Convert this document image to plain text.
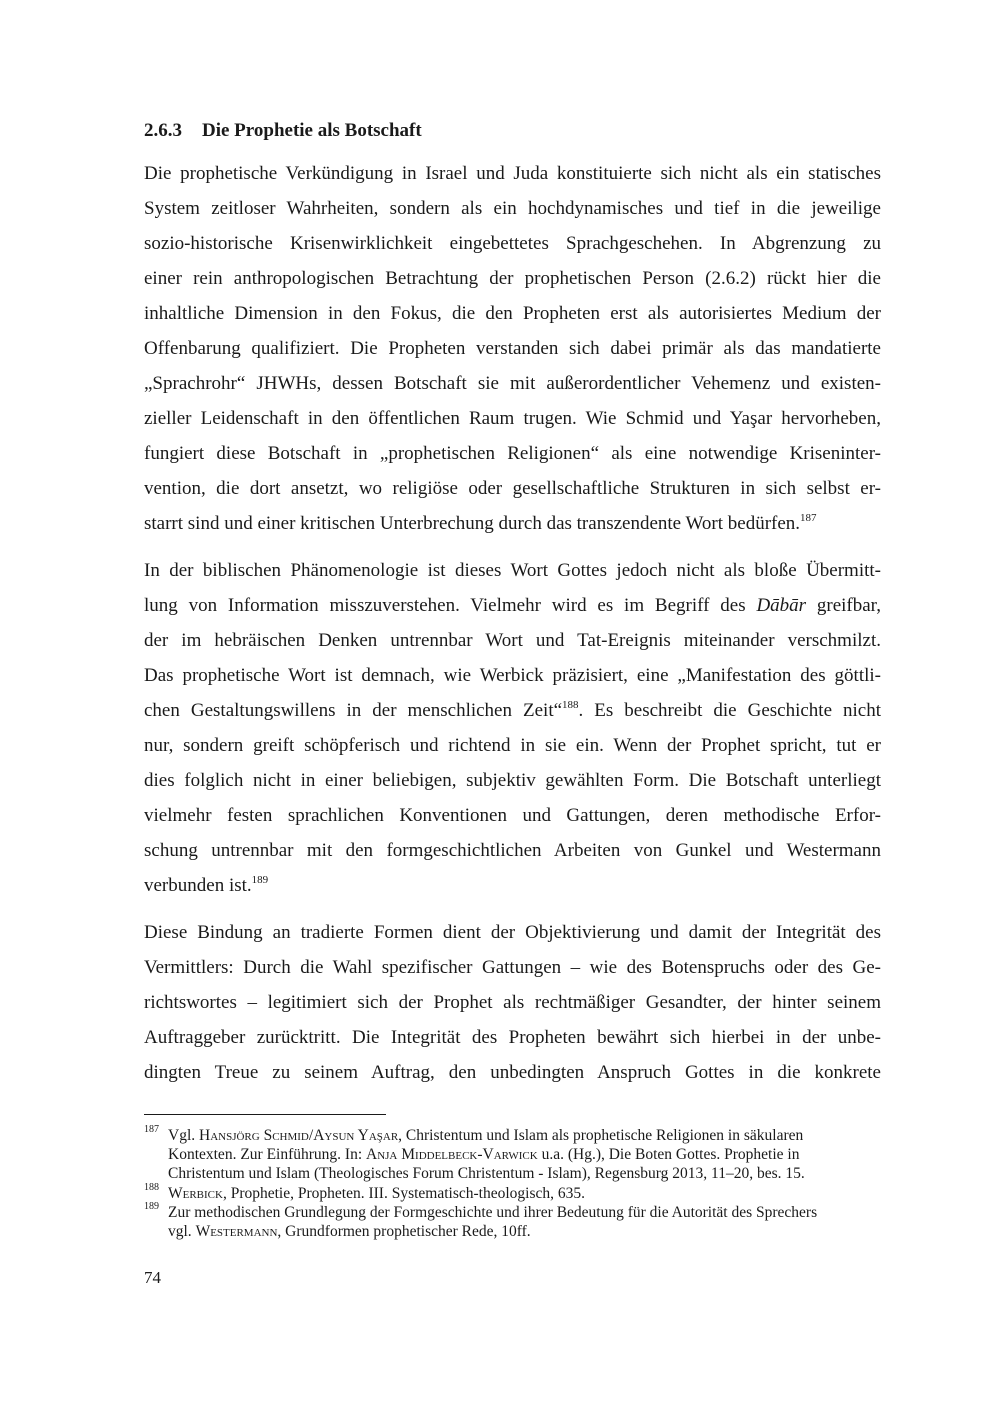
2.6.3 Die Prophetie als Botschaft
Die prophetische Verkündigung in Israel und Juda konstituierte sich nicht als ein statisches
System zeitloser Wahrheiten, sondern als ein hochdynamisches und tief in die jeweilige
sozio-historische Krisenwirklichkeit eingebettetes Sprachgeschehen. In Abgrenzung zu
einer rein anthropologischen Betrachtung der prophetischen Person (2.6.2) rückt hier die
inhaltliche Dimension in den Fokus, die den Propheten erst als autorisiertes Medium der
Offenbarung qualifiziert. Die Propheten verstanden sich dabei primär als das mandatierte
„Sprachrohr“ JHWHs, dessen Botschaft sie mit außerordentlicher Vehemenz und existen-
zieller Leidenschaft in den öffentlichen Raum trugen. Wie Schmid und Yaşar hervorheben,
fungiert diese Botschaft in „prophetischen Religionen“ als eine notwendige Kriseninter-
vention, die dort ansetzt, wo religiöse oder gesellschaftliche Strukturen in sich selbst er-
starrt sind und einer kritischen Unterbrechung durch das transzendente Wort bedürfen.$^{187}$
In der biblischen Phänomenologie ist dieses Wort Gottes jedoch nicht als bloße Übermitt-
lung von Information misszuverstehen. Vielmehr wird es im Begriff des Dābār greifbar,
der im hebräischen Denken untrennbar Wort und Tat-Ereignis miteinander verschmilzt.
Das prophetische Wort ist demnach, wie Werbick präzisiert, eine „Manifestation des göttli-
chen Gestaltungswillens in der menschlichen Zeit“$^{188}$. Es beschreibt die Geschichte nicht
nur, sondern greift schöpferisch und richtend in sie ein. Wenn der Prophet spricht, tut er
dies folglich nicht in einer beliebigen, subjektiv gewählten Form. Die Botschaft unterliegt
vielmehr festen sprachlichen Konventionen und Gattungen, deren methodische Erfor-
schung untrennbar mit den formgeschichtlichen Arbeiten von Gunkel und Westermann
verbunden ist.$^{189}$
Diese Bindung an tradierte Formen dient der Objektivierung und damit der Integrität des
Vermittlers: Durch die Wahl spezifischer Gattungen – wie des Botenspruchs oder des Ge-
richtswortes – legitimiert sich der Prophet als rechtmäßiger Gesandter, der hinter seinem
Auftraggeber zurücktritt. Die Integrität des Propheten bewährt sich hierbei in der unbe-
dingten Treue zu seinem Auftrag, den unbedingten Anspruch Gottes in die konkrete
187 Vgl. Hansjörg Schmid/Aysun Yaşar, Christentum und Islam als prophetische Religionen in säkularen
Kontexten. Zur Einführung. In: Anja Middelbeck-Varwick u.a. (Hg.), Die Boten Gottes. Prophetie in
Christentum und Islam (Theologisches Forum Christentum - Islam), Regensburg 2013, 11–20, bes. 15.
188 Werbick, Prophetie, Propheten. III. Systematisch-theologisch, 635.
189 Zur methodischen Grundlegung der Formgeschichte und ihrer Bedeutung für die Autorität des Sprechers
vgl. Westermann, Grundformen prophetischer Rede, 10ff.
74
